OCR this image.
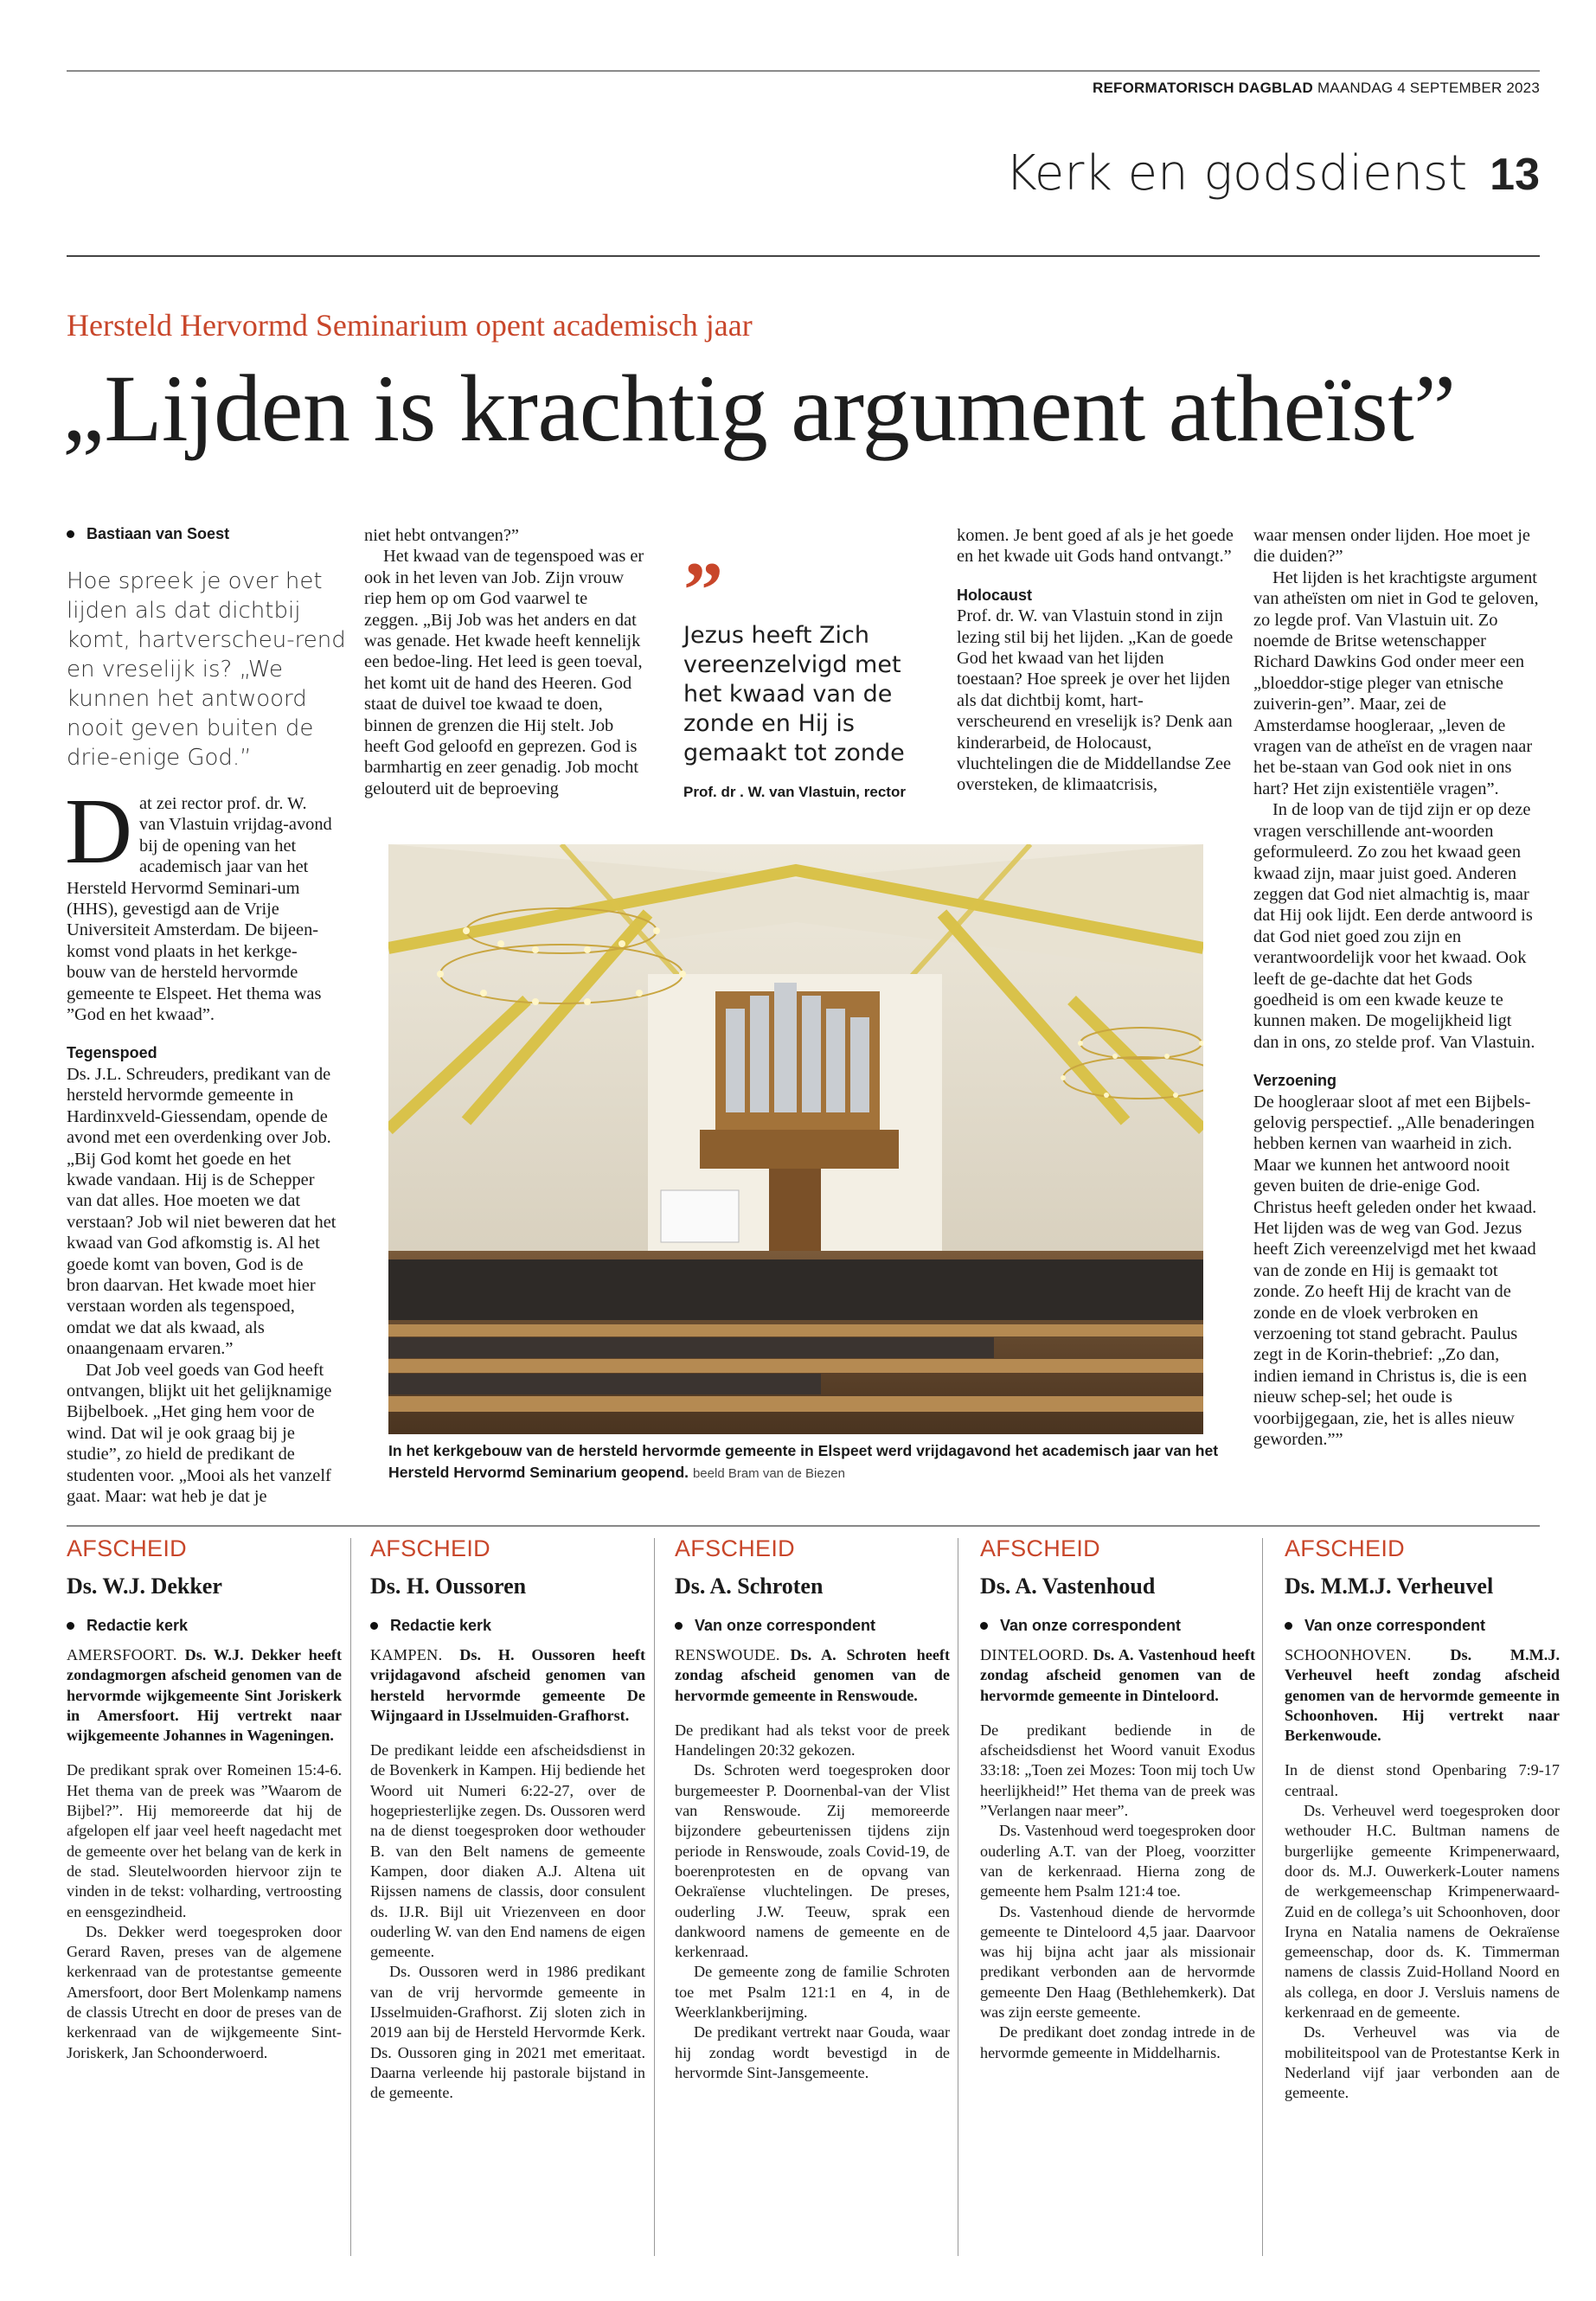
REFORMATORISCH DAGBLAD MAANDAG 4 SEPTEMBER 2023
Kerk en godsdienst 13
Hersteld Hervormd Seminarium opent academisch jaar
„Lijden is krachtig argument atheïst”
Bastiaan van Soest
Hoe spreek je over het lijden als dat dichtbij komt, hartverscheu-rend en vreselijk is? „We kunnen het antwoord nooit geven buiten de drie-enige God.”

Dat zei rector prof. dr. W. van Vlastuin vrijdag-avond bij de opening van het academisch jaar van het Hersteld Hervormd Seminari-um (HHS), gevestigd aan de Vrije Universiteit Amsterdam. De bijeen-komst vond plaats in het kerkge-bouw van de hersteld hervormde gemeente te Elspeet. Het thema was ”God en het kwaad”.

Tegenspoed

Ds. J.L. Schreuders, predikant van de hersteld hervormde gemeente in Hardinxveld-Giessendam, opende de avond met een overdenking over Job. „Bij God komt het goede en het kwade vandaan. Hij is de Schepper van dat alles. Hoe moeten we dat verstaan? Job wil niet beweren dat het kwaad van God afkomstig is. Al het goede komt van boven, God is de bron daarvan. Het kwade moet hier verstaan worden als tegenspoed, omdat we dat als kwaad, als onaangenaam ervaren.”

Dat Job veel goeds van God heeft ontvangen, blijkt uit het gelijknamige Bijbelboek. „Het ging hem voor de wind. Dat wil je ook graag bij je studie”, zo hield de predikant de studenten voor. „Mooi als het vanzelf gaat. Maar: wat heb je dat je

niet hebt ontvangen?”

Het kwaad van de tegenspoed was er ook in het leven van Job. Zijn vrouw riep hem op om God vaarwel te zeggen. „Bij Job was het anders en dat was genade. Het kwade heeft kennelijk een bedoe-ling. Het leed is geen toeval, het komt uit de hand des Heeren. God staat de duivel toe kwaad te doen, binnen de grenzen die Hij stelt. Job heeft God geloofd en geprezen. God is barmhartig en zeer genadig. Job mocht gelouterd uit de beproeving

”
Jezus heeft Zich vereenzelvigd met het kwaad van de zonde en Hij is gemaakt tot zonde
Prof. dr . W. van Vlastuin, rector

komen. Je bent goed af als je het goede en het kwade uit Gods hand ontvangt.”

Holocaust

Prof. dr. W. van Vlastuin stond in zijn lezing stil bij het lijden. „Kan de goede God het kwaad van het lijden toestaan? Hoe spreek je over het lijden als dat dichtbij komt, hart-verscheurend en vreselijk is? Denk aan kinderarbeid, de Holocaust, vluchtelingen die de Middellandse Zee oversteken, de klimaatcrisis,

waar mensen onder lijden. Hoe moet je die duiden?”

Het lijden is het krachtigste argument van atheïsten om niet in God te geloven, zo legde prof. Van Vlastuin uit. Zo noemde de Britse wetenschapper Richard Dawkins God onder meer een „bloeddor-stige pleger van etnische zuiverin-gen”. Maar, zei de Amsterdamse hoogleraar, „leven de vragen van de atheïst en de vragen naar het be-staan van God ook niet in ons hart? Het zijn existentiële vragen”.

In de loop van de tijd zijn er op deze vragen verschillende ant-woorden geformuleerd. Zo zou het kwaad geen kwaad zijn, maar juist goed. Anderen zeggen dat God niet almachtig is, maar dat Hij ook lijdt. Een derde antwoord is dat God niet goed zou zijn en verantwoordelijk voor het kwaad. Ook leeft de ge-dachte dat het Gods goedheid is om een kwade keuze te kunnen maken. De mogelijkheid ligt dan in ons, zo stelde prof. Van Vlastuin.

Verzoening

De hoogleraar sloot af met een Bijbels-gelovig perspectief. „Alle benaderingen hebben kernen van waarheid in zich. Maar we kunnen het antwoord nooit geven buiten de drie-enige God. Christus heeft geleden onder het kwaad. Het lijden was de weg van God. Jezus heeft Zich vereenzelvigd met het kwaad van de zonde en Hij is gemaakt tot zonde. Zo heeft Hij de kracht van de zonde en de vloek verbroken en verzoening tot stand gebracht. Paulus zegt in de Korin-thebrief: „Zo dan, indien iemand in Christus is, die is een nieuw schep-sel; het oude is voorbijgegaan, zie, het is alles nieuw geworden.””

In het kerkgebouw van de hersteld hervormde gemeente in Elspeet werd vrijdagavond het academisch jaar van het Hersteld Hervormd Seminarium geopend. beeld Bram van de Biezen
AFSCHEID
Ds. W.J. Dekker
Redactie kerk

AMERSFOORT. Ds. W.J. Dekker heeft zondagmorgen afscheid genomen van de hervormde wijkgemeente Sint Joriskerk in Amersfoort. Hij vertrekt naar wijkgemeente Johannes in Wageningen.

De predikant sprak over Romeinen 15:4-6. Het thema van de preek was ”Waarom de Bijbel?”. Hij memoreerde dat hij de afgelopen elf jaar veel heeft nagedacht met de gemeente over het belang van de kerk in de stad. Sleutelwoorden hiervoor zijn te vinden in de tekst: volharding, vertroosting en eensgezindheid.

Ds. Dekker werd toegesproken door Gerard Raven, preses van de algemene kerkenraad van de protestantse gemeente Amersfoort, door Bert Molenkamp namens de classis Utrecht en door de preses van de kerkenraad van de wijkgemeente Sint-Joriskerk, Jan Schoonderwoerd.

AFSCHEID
Ds. H. Oussoren
Redactie kerk

KAMPEN. Ds. H. Oussoren heeft vrijdagavond afscheid genomen van hersteld hervormde gemeente De Wijngaard in IJsselmuiden-Grafhorst.

De predikant leidde een afscheidsdienst in de Bovenkerk in Kampen. Hij bediende het Woord uit Numeri 6:22-27, over de hogepriesterlijke zegen. Ds. Oussoren werd na de dienst toegesproken door wethouder B. van den Belt namens de gemeente Kampen, door diaken A.J. Altena uit Rijssen namens de classis, door consulent ds. IJ.R. Bijl uit Vriezenveen en door ouderling W. van den End namens de eigen gemeente.

Ds. Oussoren werd in 1986 predikant van de vrij hervormde gemeente in IJsselmuiden-Grafhorst. Zij sloten zich in 2019 aan bij de Hersteld Hervormde Kerk. Ds. Oussoren ging in 2021 met emeritaat. Daarna verleende hij pastorale bijstand in de gemeente.

AFSCHEID
Ds. A. Schroten
Van onze correspondent

RENSWOUDE. Ds. A. Schroten heeft zondag afscheid genomen van de hervormde gemeente in Renswoude.

De predikant had als tekst voor de preek Handelingen 20:32 gekozen.

Ds. Schroten werd toegesproken door burgemeester P. Doornenbal-van der Vlist van Renswoude. Zij memoreerde bijzondere gebeurtenissen tijdens zijn periode in Renswoude, zoals Covid-19, de boerenprotesten en de opvang van Oekraïense vluchtelingen. De preses, ouderling J.W. Teeuw, sprak een dankwoord namens de gemeente en de kerkenraad.

De gemeente zong de familie Schroten toe met Psalm 121:1 en 4, in de Weerklankberijming.

De predikant vertrekt naar Gouda, waar hij zondag wordt bevestigd in de hervormde Sint-Jansgemeente.

AFSCHEID
Ds. A. Vastenhoud
Van onze correspondent

DINTELOORD. Ds. A. Vastenhoud heeft zondag afscheid genomen van de hervormde gemeente in Dinteloord.

De predikant bediende in de afscheidsdienst het Woord vanuit Exodus 33:18: „Toen zei Mozes: Toon mij toch Uw heerlijkheid!” Het thema van de preek was ”Verlangen naar meer”.

Ds. Vastenhoud werd toegesproken door ouderling A.T. van der Ploeg, voorzitter van de kerkenraad. Hierna zong de gemeente hem Psalm 121:4 toe.

Ds. Vastenhoud diende de hervormde gemeente te Dinteloord 4,5 jaar. Daarvoor was hij bijna acht jaar als missionair predikant verbonden aan de hervormde gemeente Den Haag (Bethlehemkerk). Dat was zijn eerste gemeente.

De predikant doet zondag intrede in de hervormde gemeente in Middelharnis.

AFSCHEID
Ds. M.M.J. Verheuvel
Van onze correspondent

SCHOONHOVEN. Ds. M.M.J. Verheuvel heeft zondag afscheid genomen van de hervormde gemeente in Schoonhoven. Hij vertrekt naar Berkenwoude.

In de dienst stond Openbaring 7:9-17 centraal.

Ds. Verheuvel werd toegesproken door wethouder H.C. Bultman namens de burgerlijke gemeente Krimpenerwaard, door ds. M.J. Ouwerkerk-Louter namens de werkgemeenschap Krimpenerwaard-Zuid en de collega’s uit Schoonhoven, door Iryna en Natalia namens de Oekraïense gemeenschap, door ds. K. Timmerman namens de classis Zuid-Holland Noord en als collega, en door J. Versluis namens de kerkenraad en de gemeente.

Ds. Verheuvel was via de mobiliteitspool van de Protestantse Kerk in Nederland vijf jaar verbonden aan de gemeente.
